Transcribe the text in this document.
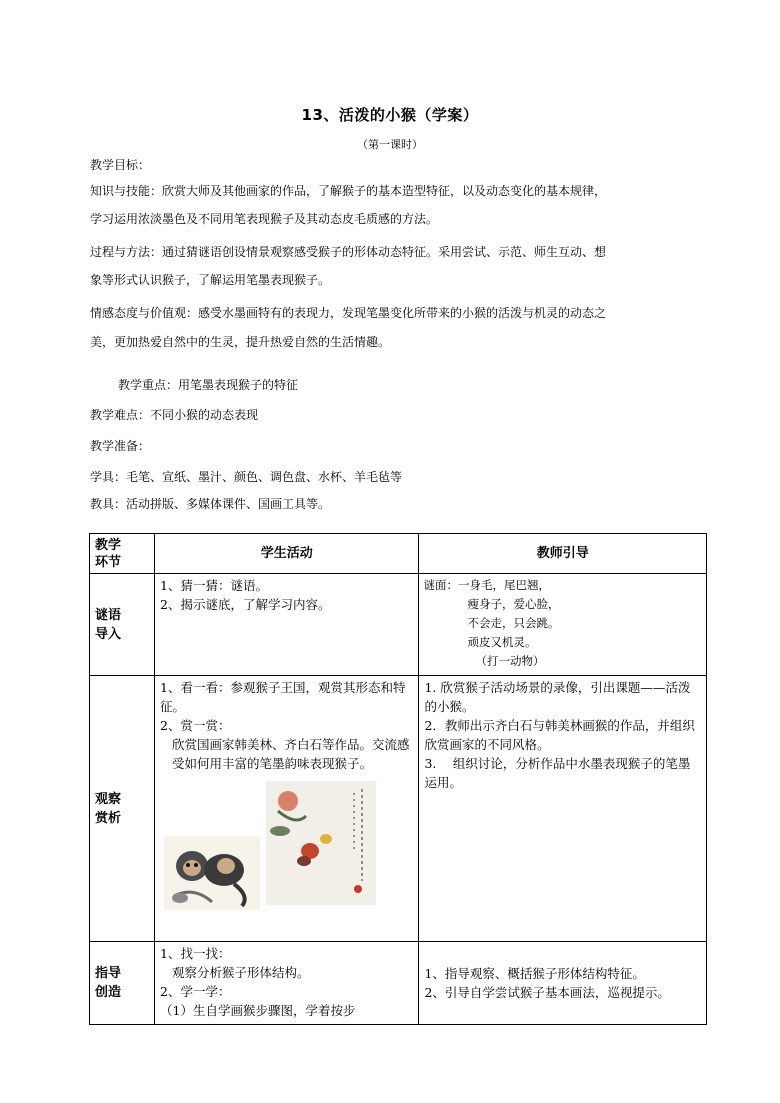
13、活泼的小猴（学案）
（第一课时）
教学目标：
知识与技能：欣赏大师及其他画家的作品，了解猴子的基本造型特征，以及动态变化的基本规律，
学习运用浓淡墨色及不同用笔表现猴子及其动态皮毛质感的方法。
过程与方法：通过猜谜语创设情景观察感受猴子的形体动态特征。采用尝试、示范、师生互动、想
象等形式认识猴子，了解运用笔墨表现猴子。
情感态度与价值观：感受水墨画特有的表现力，发现笔墨变化所带来的小猴的活泼与机灵的动态之
美，更加热爱自然中的生灵，提升热爱自然的生活情趣。
教学重点：用笔墨表现猴子的特征
教学难点：不同小猴的动态表现
教学准备：
学具：毛笔、宣纸、墨汁、颜色、调色盘、水杯、羊毛毡等
教具：活动拼版、多媒体课件、国画工具等。
教学
环节	学生活动	教师引导

谜语
导入	1、猜一猜：谜语。
2、揭示谜底，了解学习内容。	谜面：一身毛，尾巴翘，
瘦身子，爱心脸，
不会走，只会跳。
顽皮又机灵。
（打一动物）

观察
赏析	1、看一看：参观猴子王国，观赏其形态和特征。
2、赏一赏：
欣赏国画家韩美林、齐白石等作品。交流感受如何用丰富的笔墨韵味表现猴子。	1. 欣赏猴子活动场景的录像，引出课题——活泼的小猴。
2．教师出示齐白石与韩美林画猴的作品，并组织欣赏画家的不同风格。
3.　 组织讨论，分析作品中水墨表现猴子的笔墨运用。

指导
创造	1、找一找：
观察分析猴子形体结构。
2、学一学：
（1）生自学画猴步骤图，学着按步	1、指导观察、概括猴子形体结构特征。
2、引导自学尝试猴子基本画法，巡视提示。
